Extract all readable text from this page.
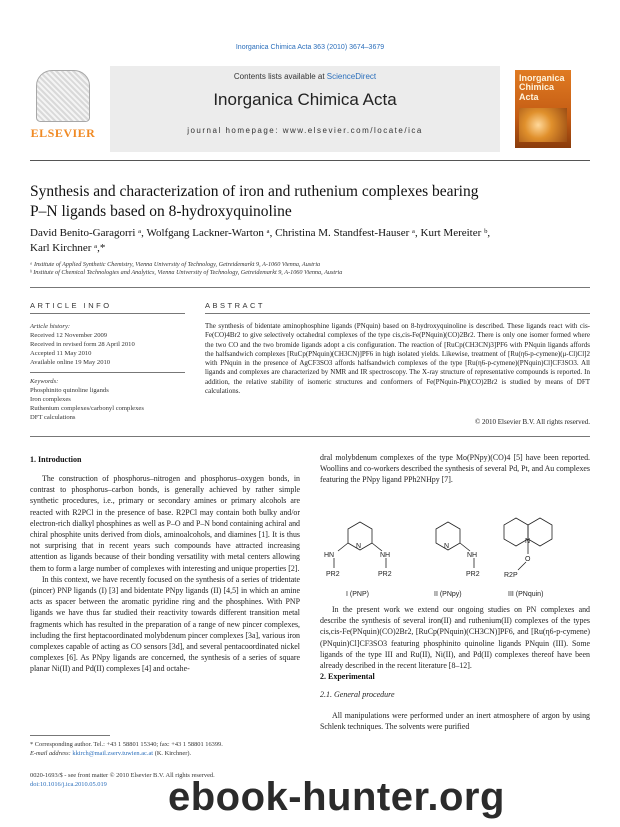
Inorganica Chimica Acta 363 (2010) 3674–3679
ELSEVIER
Contents lists available at ScienceDirect
Inorganica Chimica Acta
journal homepage: www.elsevier.com/locate/ica
Inorganica Chimica Acta
Synthesis and characterization of iron and ruthenium complexes bearing
P–N ligands based on 8-hydroxyquinoline
David Benito-Garagorri ᵃ, Wolfgang Lackner-Warton ᵃ, Christina M. Standfest-Hauser ᵃ, Kurt Mereiter ᵇ,
Karl Kirchner ᵃ,*
ᵃ Institute of Applied Synthetic Chemistry, Vienna University of Technology, Getreidemarkt 9, A-1060 Vienna, Austria
ᵇ Institute of Chemical Technologies and Analytics, Vienna University of Technology, Getreidemarkt 9, A-1060 Vienna, Austria
ARTICLE INFO	ABSTRACT
Article history:
Received 12 November 2009
Received in revised form 28 April 2010
Accepted 11 May 2010
Available online 19 May 2010
Keywords:
Phosphinito quinoline ligands
Iron complexes
Ruthenium complexes/carbonyl complexes
DFT calculations
The synthesis of bidentate aminophosphine ligands (PNquin) based on 8-hydroxyquinoline is described. These ligands react with cis-Fe(CO)4Br2 to give selectively octahedral complexes of the type cis,cis-Fe(PNquin)(CO)2Br2. There is only one isomer formed where the two CO and the two bromide ligands adopt a cis configuration. The reaction of [RuCp(CH3CN)3]PF6 with PNquin ligands affords the halfsandwich complexes [RuCp(PNquin)(CH3CN)]PF6 in high isolated yields. Likewise, treatment of [Ru(η6-p-cymene)(μ-Cl)Cl]2 with PNquin in the presence of AgCF3SO3 affords halfsandwich complexes of the type [Ru(η6-p-cymene)(PNquin)Cl]CF3SO3. All ligands and complexes are characterized by NMR and IR spectroscopy. The X-ray structure of representative compounds is reported. In addition, the relative stability of isomeric structures and conformers of Fe(PNquin-Ph)(CO)2Br2 is studied by means of DFT calculations.
© 2010 Elsevier B.V. All rights reserved.
1. Introduction
The construction of phosphorus–nitrogen and phosphorus–oxygen bonds, in contrast to phosphorus–carbon bonds, is generally achieved by rather simple synthetic procedures, i.e., primary or secondary amines or primary alcohols are reacted with R2PCl in the presence of base. R2PCl may contain both bulky and/or electron-rich dialkyl phosphines as well as P–O and P–N bond containing achiral and chiral phosphite units derived from diols, aminoalcohols, and diamines [1]. It is thus not surprising that in recent years such compounds have attracted increasing attention as ligands because of their bonding versatility with metal centers allowing them to form a large number of complexes with interesting and unique properties [2].
In this context, we have recently focused on the synthesis of a series of tridentate (pincer) PNP ligands (I) [3] and bidentate PNpy ligands (II) [4,5] in which an amine acts as spacer between the aromatic pyridine ring and the phosphines. With PNP ligands we have thus far studied their reactivity towards different transition metal fragments which has resulted in the preparation of a range of new pincer complexes, including the first heptacoordinated molybdenum pincer complexes [3a], various iron complexes capable of acting as CO sensors [3d], and several pentacoordinated nickel complexes [6]. As PNpy ligands are concerned, the synthesis of a series of square planar Ni(II) and Pd(II) complexes [4] and octahe-
dral molybdenum complexes of the type Mo(PNpy)(CO)4 [5] have been reported. Woollins and co-workers described the synthesis of several Pd, Pt, and Au complexes featuring the PNpy ligand PPh2NHpy [7].
N
HN	NH
PR2	PR2
N
NH
PR2
N
O
R2P
I (PNP)	II (PNpy)	III (PNquin)
In the present work we extend our ongoing studies on PN complexes and describe the synthesis of several iron(II) and ruthenium(II) complexes of the types cis,cis-Fe(PNquin)(CO)2Br2, [RuCp(PNquin)(CH3CN)]PF6, and [Ru(η6-p-cymene)(PNquin)Cl]CF3SO3 featuring phosphinito quinoline ligands PNquin (III). Some ligands of the type III and Ru(II), Ni(II), and Pd(II) complexes thereof have been already described in the recent literature [8–12].
2. Experimental
2.1. General procedure
All manipulations were performed under an inert atmosphere of argon by using Schlenk techniques. The solvents were purified
* Corresponding author. Tel.: +43 1 58801 15340; fax: +43 1 58801 16399.
E-mail address: kkirch@mail.zserv.tuwien.ac.at (K. Kirchner).
0020-1693/$ - see front matter © 2010 Elsevier B.V. All rights reserved.
doi:10.1016/j.ica.2010.05.019	ebook-hunter.org
